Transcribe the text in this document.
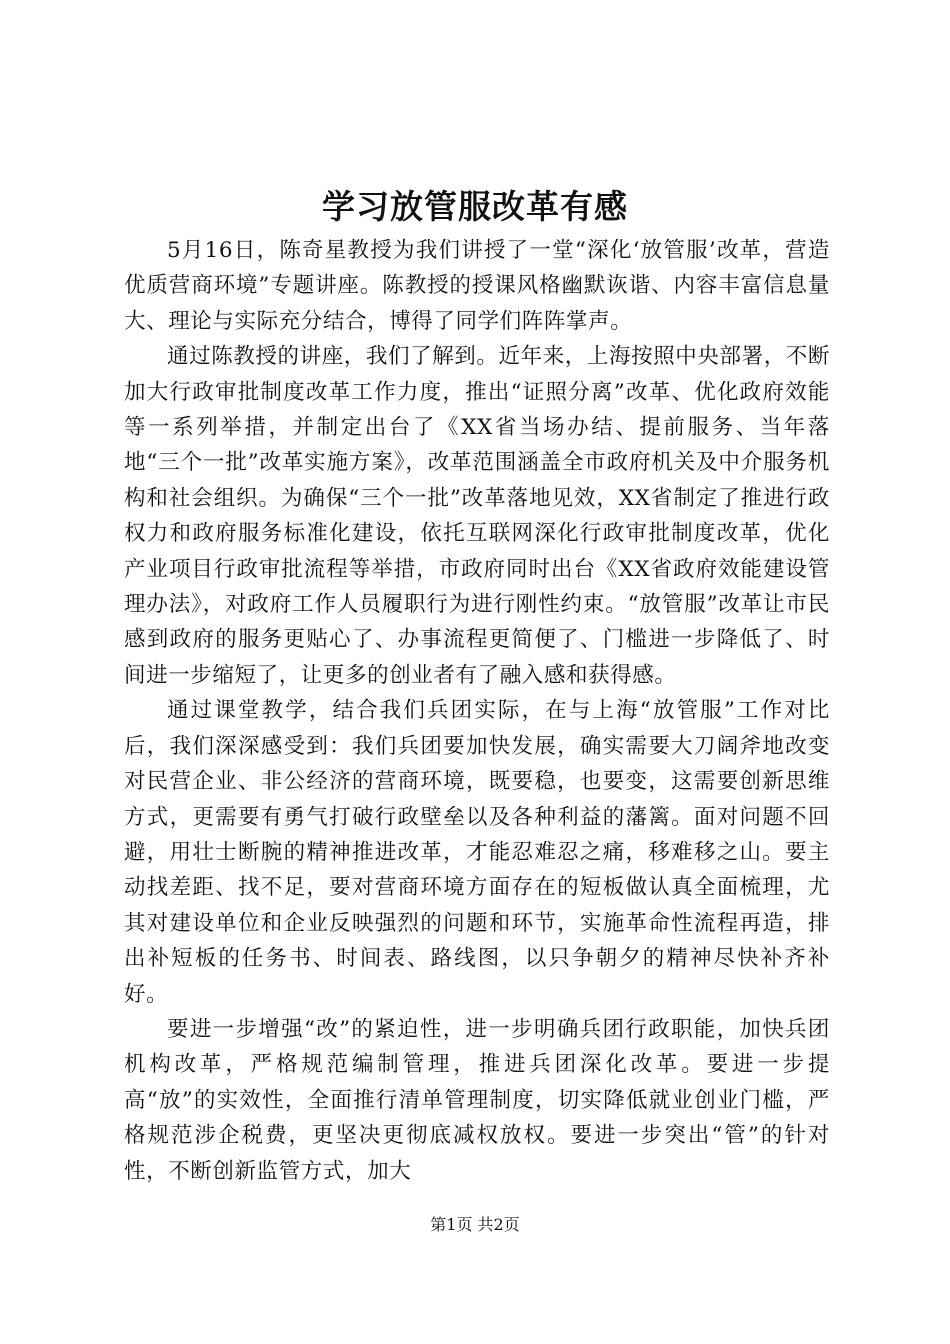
学习放管服改革有感

5月16日，陈奇星教授为我们讲授了一堂“深化‘放管服’改革，营造优质营商环境”专题讲座。陈教授的授课风格幽默诙谐、内容丰富信息量大、理论与实际充分结合，博得了同学们阵阵掌声。

通过陈教授的讲座，我们了解到。近年来，上海按照中央部署，不断加大行政审批制度改革工作力度，推出“证照分离”改革、优化政府效能等一系列举措，并制定出台了《XX省当场办结、提前服务、当年落地“三个一批”改革实施方案》，改革范围涵盖全市政府机关及中介服务机构和社会组织。为确保“三个一批”改革落地见效，XX省制定了推进行政权力和政府服务标准化建设，依托互联网深化行政审批制度改革，优化产业项目行政审批流程等举措，市政府同时出台《XX省政府效能建设管理办法》，对政府工作人员履职行为进行刚性约束。“放管服”改革让市民感到政府的服务更贴心了、办事流程更简便了、门槛进一步降低了、时间进一步缩短了，让更多的创业者有了融入感和获得感。

通过课堂教学，结合我们兵团实际，在与上海“放管服”工作对比后，我们深深感受到：我们兵团要加快发展，确实需要大刀阔斧地改变对民营企业、非公经济的营商环境，既要稳，也要变，这需要创新思维方式，更需要有勇气打破行政壁垒以及各种利益的藩篱。面对问题不回避，用壮士断腕的精神推进改革，才能忍难忍之痛，移难移之山。要主动找差距、找不足，要对营商环境方面存在的短板做认真全面梳理，尤其对建设单位和企业反映强烈的问题和环节，实施革命性流程再造，排出补短板的任务书、时间表、路线图，以只争朝夕的精神尽快补齐补好。

要进一步增强“改”的紧迫性，进一步明确兵团行政职能，加快兵团机构改革，严格规范编制管理，推进兵团深化改革。要进一步提高“放”的实效性，全面推行清单管理制度，切实降低就业创业门槛，严格规范涉企税费，更坚决更彻底减权放权。要进一步突出“管”的针对性，不断创新监管方式，加大

第1页 共2页
